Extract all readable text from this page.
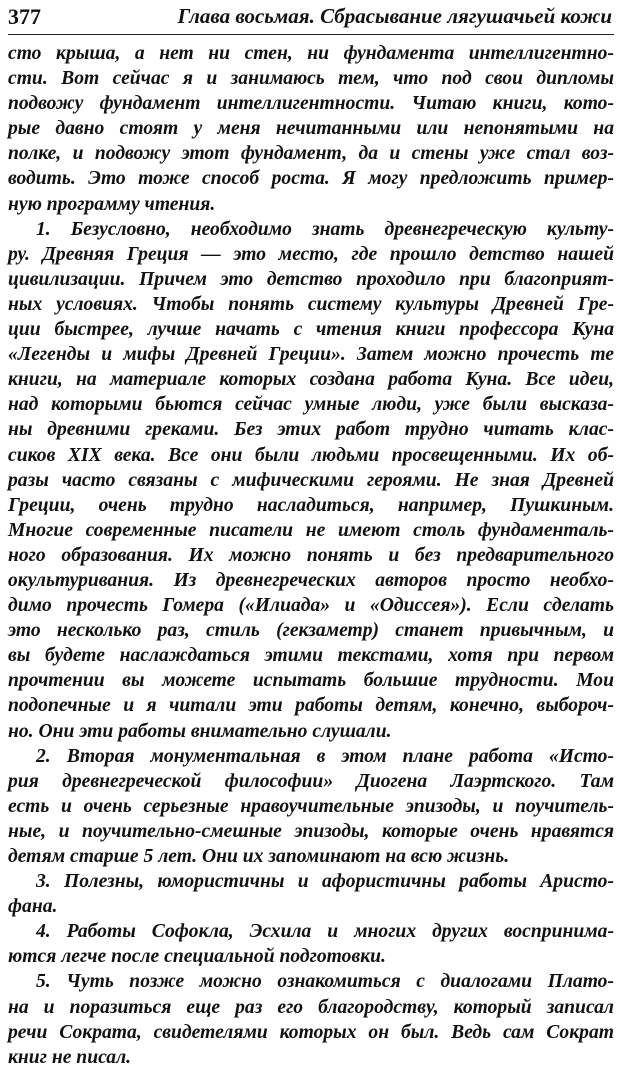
377	Глава восьмая. Сбрасывание лягушачьей кожи
сто крыша, а нет ни стен, ни фундамента интеллигентно-
сти. Вот сейчас я и занимаюсь тем, что под свои дипломы
подвожу фундамент интеллигентности. Читаю книги, кото-
рые давно стоят у меня нечитанными или непонятыми на
полке, и подвожу этот фундамент, да и стены уже стал воз-
водить. Это тоже способ роста. Я могу предложить пример-
ную программу чтения.
1. Безусловно, необходимо знать древнегреческую культу-
ру. Древняя Греция — это место, где прошло детство нашей
цивилизации. Причем это детство проходило при благоприят-
ных условиях. Чтобы понять систему культуры Древней Гре-
ции быстрее, лучше начать с чтения книги профессора Куна
«Легенды и мифы Древней Греции». Затем можно прочесть те
книги, на материале которых создана работа Куна. Все идеи,
над которыми бьются сейчас умные люди, уже были высказа-
ны древними греками. Без этих работ трудно читать клас-
сиков XIX века. Все они были людьми просвещенными. Их об-
разы часто связаны с мифическими героями. Не зная Древней
Греции, очень трудно насладиться, например, Пушкиным.
Многие современные писатели не имеют столь фундаменталь-
ного образования. Их можно понять и без предварительного
окультуривания. Из древнегреческих авторов просто необхо-
димо прочесть Гомера («Илиада» и «Одиссея»). Если сделать
это несколько раз, стиль (гекзаметр) станет привычным, и
вы будете наслаждаться этими текстами, хотя при первом
прочтении вы можете испытать большие трудности. Мои
подопечные и я читали эти работы детям, конечно, выбороч-
но. Они эти работы внимательно слушали.
2. Вторая монументальная в этом плане работа «Исто-
рия древнегреческой философии» Диогена Лаэртского. Там
есть и очень серьезные нравоучительные эпизоды, и поучитель-
ные, и поучительно-смешные эпизоды, которые очень нравятся
детям старше 5 лет. Они их запоминают на всю жизнь.
3. Полезны, юмористичны и афористичны работы Аристо-
фана.
4. Работы Софокла, Эсхила и многих других воспринима-
ются легче после специальной подготовки.
5. Чуть позже можно ознакомиться с диалогами Плато-
на и поразиться еще раз его благородству, который записал
речи Сократа, свидетелями которых он был. Ведь сам Сократ
книг не писал.
